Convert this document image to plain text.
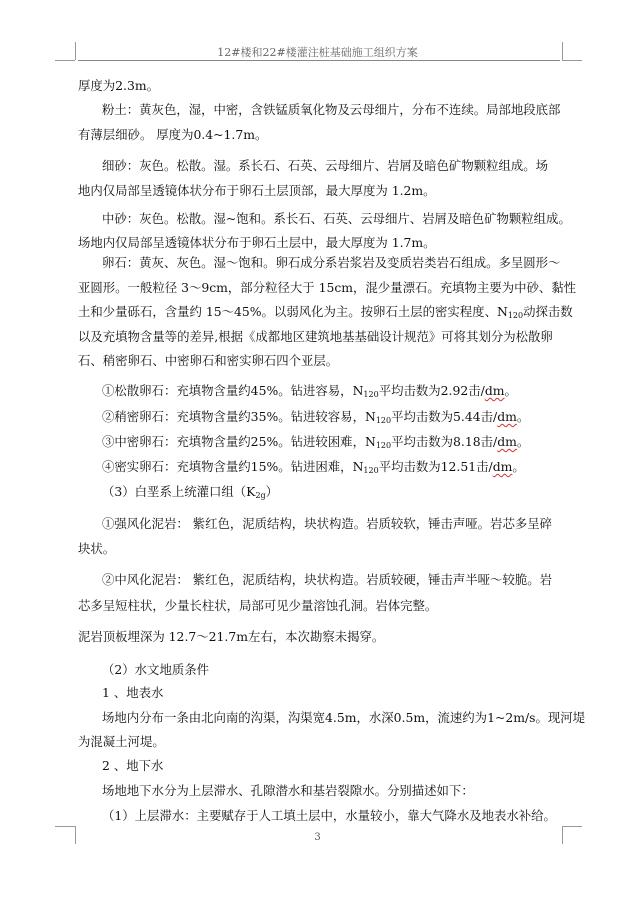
12#楼和22#楼灌注桩基础施工组织方案
厚度为2.3m。
粉土：黄灰色，湿，中密，含铁锰质氧化物及云母细片，分布不连续。局部地段底部
有薄层细砂。 厚度为0.4~1.7m。
细砂：灰色。松散。湿。系长石、石英、云母细片、岩屑及暗色矿物颗粒组成。场
地内仅局部呈透镜体状分布于卵石土层顶部，最大厚度为 1.2m。
中砂：灰色。松散。湿~饱和。系长石、石英、云母细片、岩屑及暗色矿物颗粒组成。
场地内仅局部呈透镜体状分布于卵石土层中，最大厚度为 1.7m。
卵石：黄灰、灰色。湿～饱和。卵石成分系岩浆岩及变质岩类岩石组成。多呈圆形～
亚圆形。一般粒径 3～9cm，部分粒径大于 15cm，混少量漂石。充填物主要为中砂、黏性
土和少量砾石，含量约 15～45%。以弱风化为主。按卵石土层的密实程度、$N_{120}$动探击数
以及充填物含量等的差异,根据《成都地区建筑地基基础设计规范》可将其划分为松散卵
石、稍密卵石、中密卵石和密实卵石四个亚层。
①松散卵石：充填物含量约45%。钻进容易，$N_{120}$平均击数为2.92击/dm。
②稍密卵石：充填物含量约35%。钻进较容易，$N_{120}$平均击数为5.44击/dm。
③中密卵石：充填物含量约25%。钻进较困难，$N_{120}$平均击数为8.18击/dm。
④密实卵石：充填物含量约15%。钻进困难，$N_{120}$平均击数为12.51击/dm。
（3）白垩系上统灌口组$(K_{2g})$
①强风化泥岩： 紫红色，泥质结构，块状构造。岩质较软，锤击声哑。岩芯多呈碎
块状。
②中风化泥岩： 紫红色，泥质结构，块状构造。岩质较硬，锤击声半哑～较脆。岩
芯多呈短柱状，少量长柱状，局部可见少量溶蚀孔洞。岩体完整。
泥岩顶板埋深为 12.7～21.7m左右，本次勘察未揭穿。
（2）水文地质条件
1 、地表水
场地内分布一条由北向南的沟渠，沟渠宽4.5m，水深0.5m，流速约为1~2m/s。现河堤
为混凝土河堤。
2 、地下水
场地地下水分为上层滞水、孔隙潜水和基岩裂隙水。分别描述如下：
（1）上层滞水：主要赋存于人工填土层中，水量较小，靠大气降水及地表水补给。
3
